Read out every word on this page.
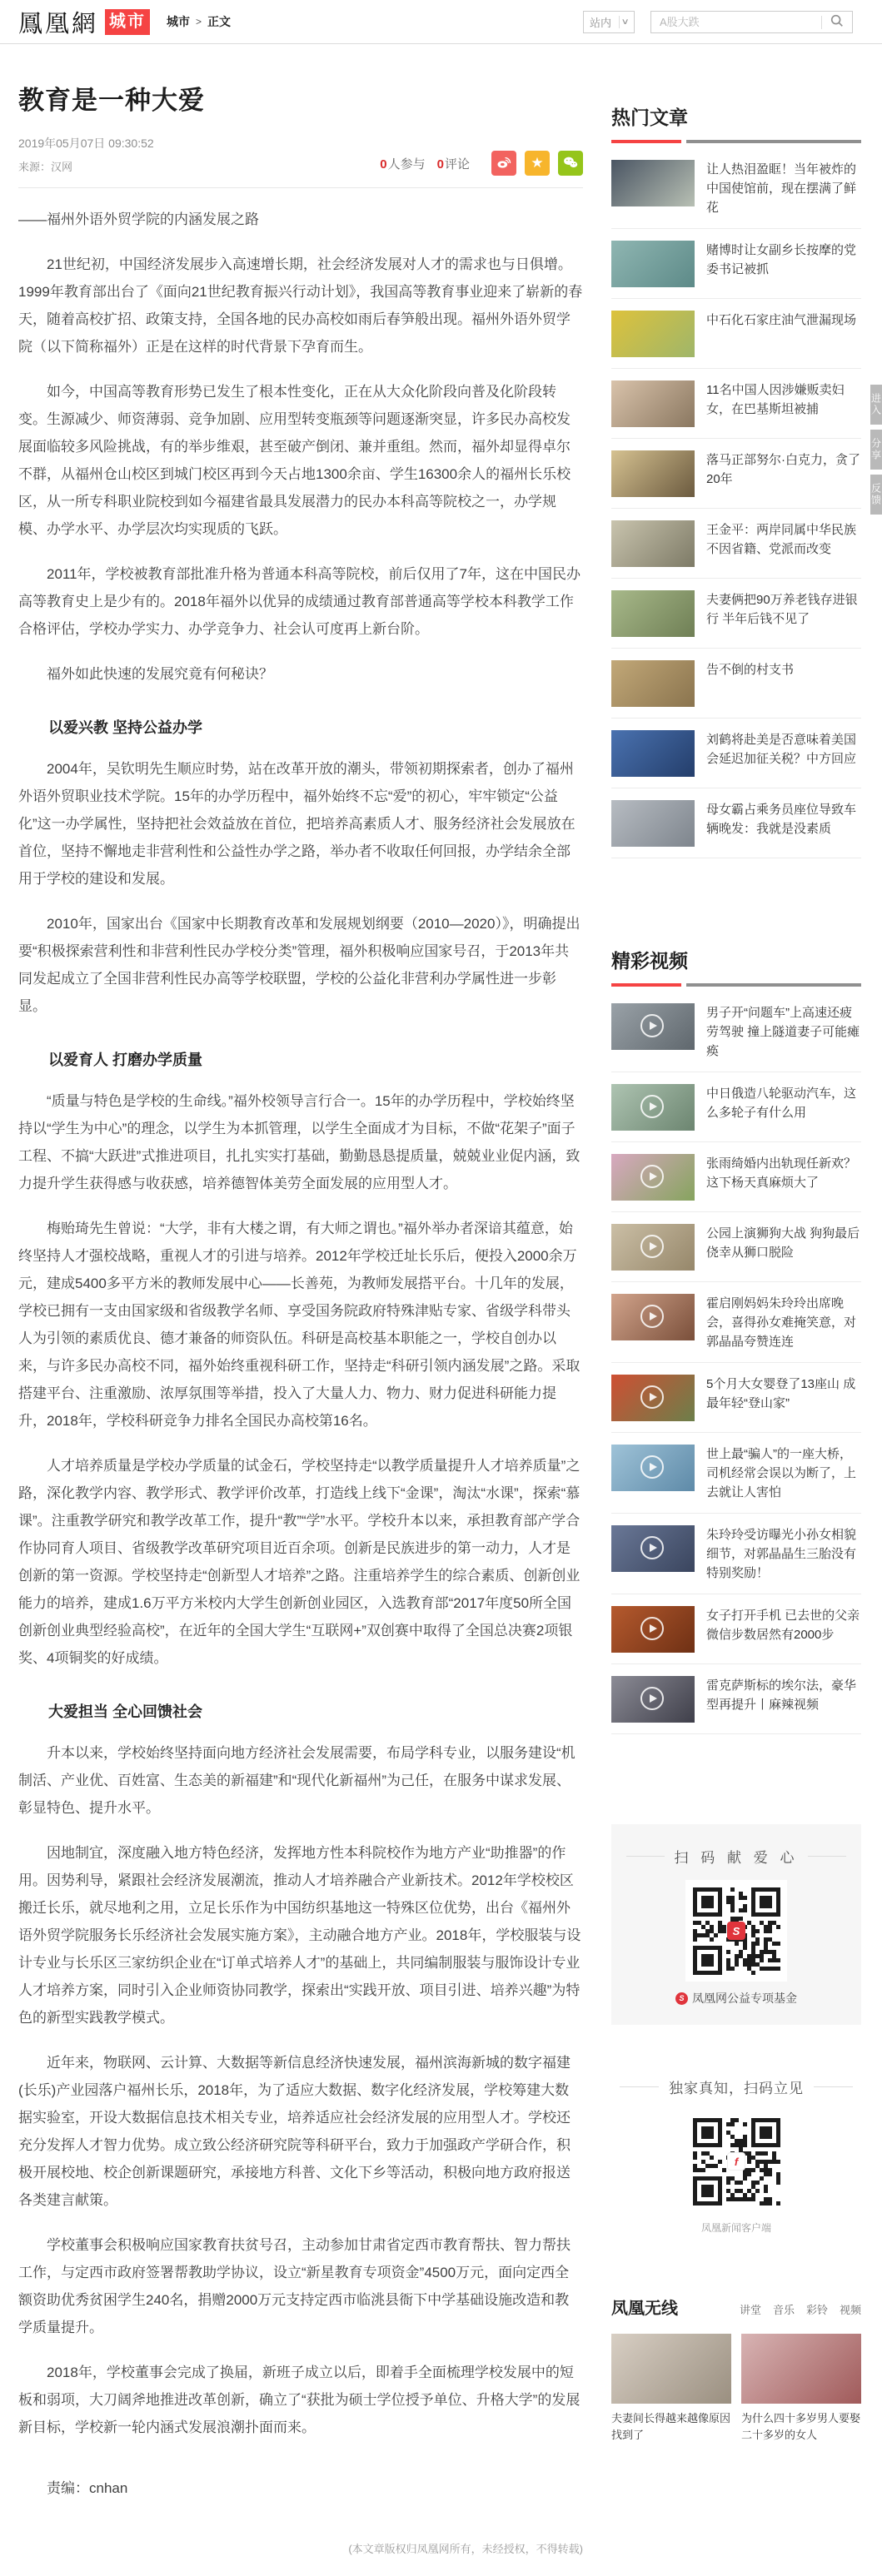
鳳凰網 城市	城市 > 正文	站内 ∨
A股大跌
教育是一种大爱
2019年05月07日 09:30:52
来源：汉网	0人参与 0评论	★

——福州外语外贸学院的内涵发展之路

21世纪初，中国经济发展步入高速增长期，社会经济发展对人才的需求也与日俱增。1999年教育部出台了《面向21世纪教育振兴行动计划》，我国高等教育事业迎来了崭新的春天，随着高校扩招、政策支持，全国各地的民办高校如雨后春笋般出现。福州外语外贸学院（以下简称福外）正是在这样的时代背景下孕育而生。

如今，中国高等教育形势已发生了根本性变化，正在从大众化阶段向普及化阶段转变。生源减少、师资薄弱、竞争加剧、应用型转变瓶颈等问题逐渐突显，许多民办高校发展面临较多风险挑战，有的举步维艰，甚至破产倒闭、兼并重组。然而，福外却显得卓尔不群，从福州仓山校区到城门校区再到今天占地1300余亩、学生16300余人的福州长乐校区，从一所专科职业院校到如今福建省最具发展潜力的民办本科高等院校之一，办学规模、办学水平、办学层次均实现质的飞跃。

2011年，学校被教育部批准升格为普通本科高等院校，前后仅用了7年，这在中国民办高等教育史上是少有的。2018年福外以优异的成绩通过教育部普通高等学校本科教学工作合格评估，学校办学实力、办学竞争力、社会认可度再上新台阶。

福外如此快速的发展究竟有何秘诀？

以爱兴教 坚持公益办学

2004年，吴钦明先生顺应时势，站在改革开放的潮头，带领初期探索者，创办了福州外语外贸职业技术学院。15年的办学历程中，福外始终不忘“爱”的初心，牢牢锁定“公益化”这一办学属性，坚持把社会效益放在首位，把培养高素质人才、服务经济社会发展放在首位，坚持不懈地走非营利性和公益性办学之路，举办者不收取任何回报，办学结余全部用于学校的建设和发展。

2010年，国家出台《国家中长期教育改革和发展规划纲要（2010—2020）》，明确提出要“积极探索营利性和非营利性民办学校分类”管理，福外积极响应国家号召，于2013年共同发起成立了全国非营利性民办高等学校联盟，学校的公益化非营利办学属性进一步彰显。

以爱育人 打磨办学质量

“质量与特色是学校的生命线。”福外校领导言行合一。15年的办学历程中，学校始终坚持以“学生为中心”的理念，以学生为本抓管理，以学生全面成才为目标，不做“花架子”面子工程、不搞“大跃进”式推进项目，扎扎实实打基础，勤勤恳恳提质量，兢兢业业促内涵，致力提升学生获得感与收获感，培养德智体美劳全面发展的应用型人才。

梅贻琦先生曾说：“大学，非有大楼之谓，有大师之谓也。”福外举办者深谙其蕴意，始终坚持人才强校战略，重视人才的引进与培养。2012年学校迁址长乐后，便投入2000余万元，建成5400多平方米的教师发展中心——长善苑，为教师发展搭平台。十几年的发展，学校已拥有一支由国家级和省级教学名师、享受国务院政府特殊津贴专家、省级学科带头人为引领的素质优良、德才兼备的师资队伍。科研是高校基本职能之一，学校自创办以来，与许多民办高校不同，福外始终重视科研工作，坚持走“科研引领内涵发展”之路。采取搭建平台、注重激励、浓厚氛围等举措，投入了大量人力、物力、财力促进科研能力提升，2018年，学校科研竞争力排名全国民办高校第16名。

人才培养质量是学校办学质量的试金石，学校坚持走“以教学质量提升人才培养质量”之路，深化教学内容、教学形式、教学评价改革，打造线上线下“金课”，淘汰“水课”，探索“慕课”。注重教学研究和教学改革工作，提升“教”“学”水平。学校升本以来，承担教育部产学合作协同育人项目、省级教学改革研究项目近百余项。创新是民族进步的第一动力，人才是创新的第一资源。学校坚持走“创新型人才培养”之路。注重培养学生的综合素质、创新创业能力的培养，建成1.6万平方米校内大学生创新创业园区，入选教育部“2017年度50所全国创新创业典型经验高校”，在近年的全国大学生“互联网+”双创赛中取得了全国总决赛2项银奖、4项铜奖的好成绩。

大爱担当 全心回馈社会

升本以来，学校始终坚持面向地方经济社会发展需要，布局学科专业，以服务建设“机制活、产业优、百姓富、生态美的新福建”和“现代化新福州”为己任，在服务中谋求发展、彰显特色、提升水平。

因地制宜，深度融入地方特色经济，发挥地方性本科院校作为地方产业“助推器”的作用。因势利导，紧跟社会经济发展潮流，推动人才培养融合产业新技术。2012年学校校区搬迁长乐，就尽地利之用，立足长乐作为中国纺织基地这一特殊区位优势，出台《福州外语外贸学院服务长乐经济社会发展实施方案》，主动融合地方产业。2018年，学校服装与设计专业与长乐区三家纺织企业在“订单式培养人才”的基础上，共同编制服装与服饰设计专业人才培养方案，同时引入企业师资协同教学，探索出“实践开放、项目引进、培养兴趣”为特色的新型实践教学模式。

近年来，物联网、云计算、大数据等新信息经济快速发展，福州滨海新城的数字福建(长乐)产业园落户福州长乐，2018年，为了适应大数据、数字化经济发展，学校筹建大数据实验室，开设大数据信息技术相关专业，培养适应社会经济发展的应用型人才。学校还充分发挥人才智力优势。成立致公经济研究院等科研平台，致力于加强政产学研合作，积极开展校地、校企创新课题研究，承接地方科普、文化下乡等活动，积极向地方政府报送各类建言献策。

学校董事会积极响应国家教育扶贫号召，主动参加甘肃省定西市教育帮扶、智力帮扶工作，与定西市政府签署帮教助学协议，设立“新星教育专项资金”4500万元，面向定西全额资助优秀贫困学生240名，捐赠2000万元支持定西市临洮县衙下中学基础设施改造和教学质量提升。

2018年，学校董事会完成了换届，新班子成立以后，即着手全面梳理学校发展中的短板和弱项，大刀阔斧地推进改革创新，确立了“获批为硕士学位授予单位、升格大学”的发展新目标，学校新一轮内涵式发展浪潮扑面而来。

责编：cnhan
(本文章版权归凤凰网所有，未经授权，不得转载)
热门文章
让人热泪盈眶！当年被炸的中国使馆前，现在摆满了鲜花
赌博时让女副乡长按摩的党委书记被抓
中石化石家庄油气泄漏现场
11名中国人因涉嫌贩卖妇女，在巴基斯坦被捕
落马正部努尔·白克力，贪了20年
王金平：两岸同属中华民族 不因省籍、党派而改变
夫妻俩把90万养老钱存进银行 半年后钱不见了
告不倒的村支书
刘鹤将赴美是否意味着美国会延迟加征关税？中方回应
母女霸占乘务员座位导致车辆晚发：我就是没素质
精彩视频
男子开“问题车”上高速还疲劳驾驶 撞上隧道妻子可能瘫痪
中日俄造八轮驱动汽车，这么多轮子有什么用
张雨绮婚内出轨现任新欢？这下杨天真麻烦大了
公园上演狮狗大战 狗狗最后侥幸从狮口脱险
霍启刚妈妈朱玲玲出席晚会，喜得孙女难掩笑意，对郭晶晶夸赞连连
5个月大女婴登了13座山 成最年轻“登山家”
世上最“骗人”的一座大桥，司机经常会误以为断了，上去就让人害怕
朱玲玲受访曝光小孙女相貌细节，对郭晶晶生三胎没有特别奖励！
女子打开手机 已去世的父亲微信步数居然有2000步
雷克萨斯标的埃尔法，豪华型再提升丨麻辣视频
扫 码 献 爱 心
S
S 凤凰网公益专项基金
独家真知，扫码立见
f
凤凰新闻客户端
凤凰无线	讲堂 音乐 彩铃 视频
夫妻间长得越来越像原因找到了
为什么四十多岁男人要娶二十多岁的女人
进入
分享
反馈
